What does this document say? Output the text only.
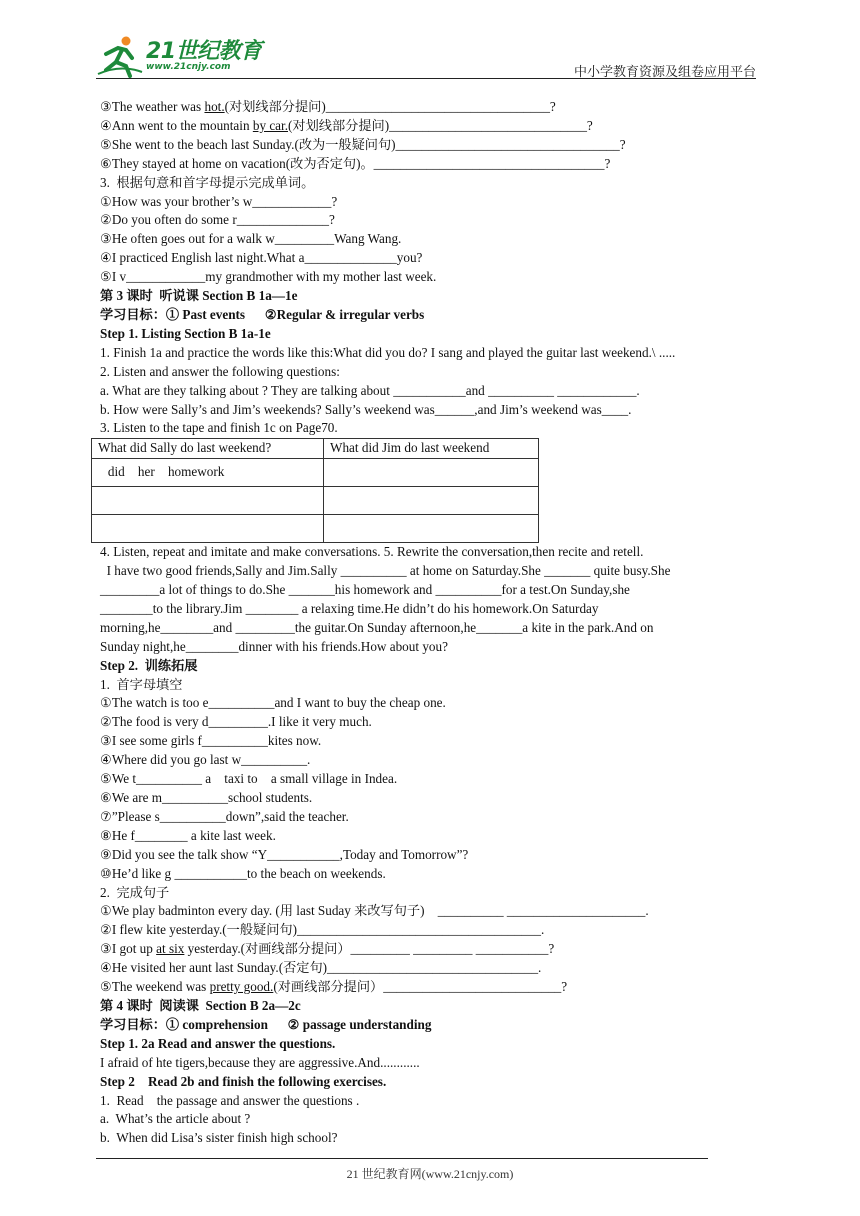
21世纪教育
www.21cnjy.com	中小学教育资源及组卷应用平台
③The weather was hot.(对划线部分提问)__________________________________?
④Ann went to the mountain by car.(对划线部分提问)______________________________?
⑤She went to the beach last Sunday.(改为一般疑问句)__________________________________?
⑥They stayed at home on vacation(改为否定句)。___________________________________?
3.  根据句意和首字母提示完成单词。
①How was your brother’s w____________?
②Do you often do some r______________?
③He often goes out for a walk w_________Wang Wang.
④I practiced English last night.What a______________you?
⑤I v____________my grandmother with my mother last week.
第 3 课时  听说课 Section B 1a—1e
学习目标：① Past events      ②Regular & irregular verbs
Step 1. Listing Section B 1a-1e
1. Finish 1a and practice the words like this:What did you do? I sang and played the guitar last weekend.\ .....
2. Listen and answer the following questions:
a. What are they talking about ? They are talking about ___________and __________ ____________.
b. How were Sally’s and Jim’s weekends? Sally’s weekend was______,and Jim’s weekend was____.
3. Listen to the tape and finish 1c on Page70.
What did Sally do last weekend?	What did Jim do last weekend
did    her    homework	

4. Listen, repeat and imitate and make conversations. 5. Rewrite the conversation,then recite and retell.
I have two good friends,Sally and Jim.Sally __________ at home on Saturday.She _______ quite busy.She
_________a lot of things to do.She _______his homework and __________for a test.On Sunday,she
________to the library.Jim ________ a relaxing time.He didn’t do his homework.On Saturday
morning,he________and _________the guitar.On Sunday afternoon,he_______a kite in the park.And on
Sunday night,he________dinner with his friends.How about you?
Step 2.  训练拓展
1.  首字母填空
①The watch is too e__________and I want to buy the cheap one.
②The food is very d_________.I like it very much.
③I see some girls f__________kites now.
④Where did you go last w__________.
⑤We t__________ a    taxi to    a small village in Indea.
⑥We are m__________school students.
⑦”Please s__________down”,said the teacher.
⑧He f________ a kite last week.
⑨Did you see the talk show “Y___________,Today and Tomorrow”?
⑩He’d like g ___________to the beach on weekends.
2.  完成句子
①We play badminton every day. (用 last Suday 来改写句子)    __________ _____________________.
②I flew kite yesterday.(一般疑问句)_____________________________________.
③I got up at six yesterday.(对画线部分提问）_________ _________ ___________?
④He visited her aunt last Sunday.(否定句)________________________________.
⑤The weekend was pretty good.(对画线部分提问）___________________________?
第 4 课时  阅读课  Section B 2a—2c
学习目标：① comprehension      ② passage understanding
Step 1. 2a Read and answer the questions.
I afraid of hte tigers,because they are aggressive.And............
Step 2    Read 2b and finish the following exercises.
1.  Read    the passage and answer the questions .
a.  What’s the article about ?
b.  When did Lisa’s sister finish high school?
21 世纪教育网(www.21cnjy.com)
